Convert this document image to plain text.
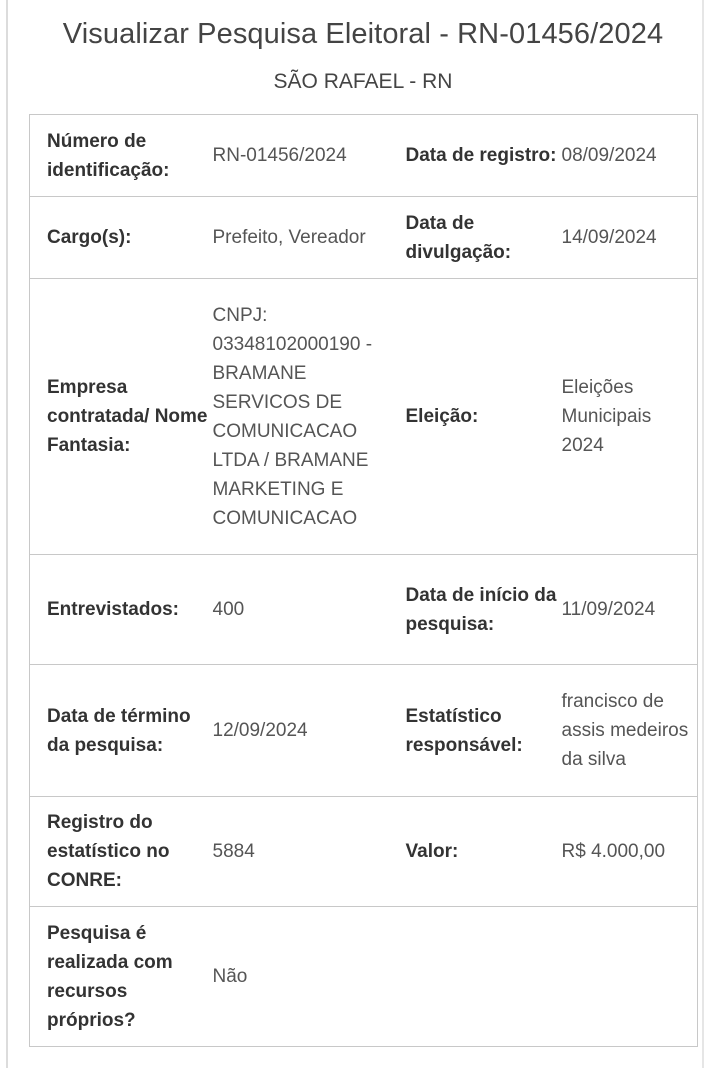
Visualizar Pesquisa Eleitoral - RN-01456/2024
SÃO RAFAEL - RN
Número de identificação:	RN-01456/2024	Data de registro:	08/09/2024
Cargo(s):	Prefeito, Vereador	Data de divulgação:	14/09/2024
Empresa contratada/ Nome Fantasia:	CNPJ: 03348102000190 - BRAMANE SERVICOS DE COMUNICACAO LTDA / BRAMANE MARKETING E COMUNICACAO	Eleição:	Eleições Municipais 2024
Entrevistados:	400	Data de início da pesquisa:	11/09/2024
Data de término da pesquisa:	12/09/2024	Estatístico responsável:	francisco de assis medeiros da silva
Registro do estatístico no CONRE:	5884	Valor:	R$ 4.000,00
Pesquisa é realizada com recursos próprios?	Não		
